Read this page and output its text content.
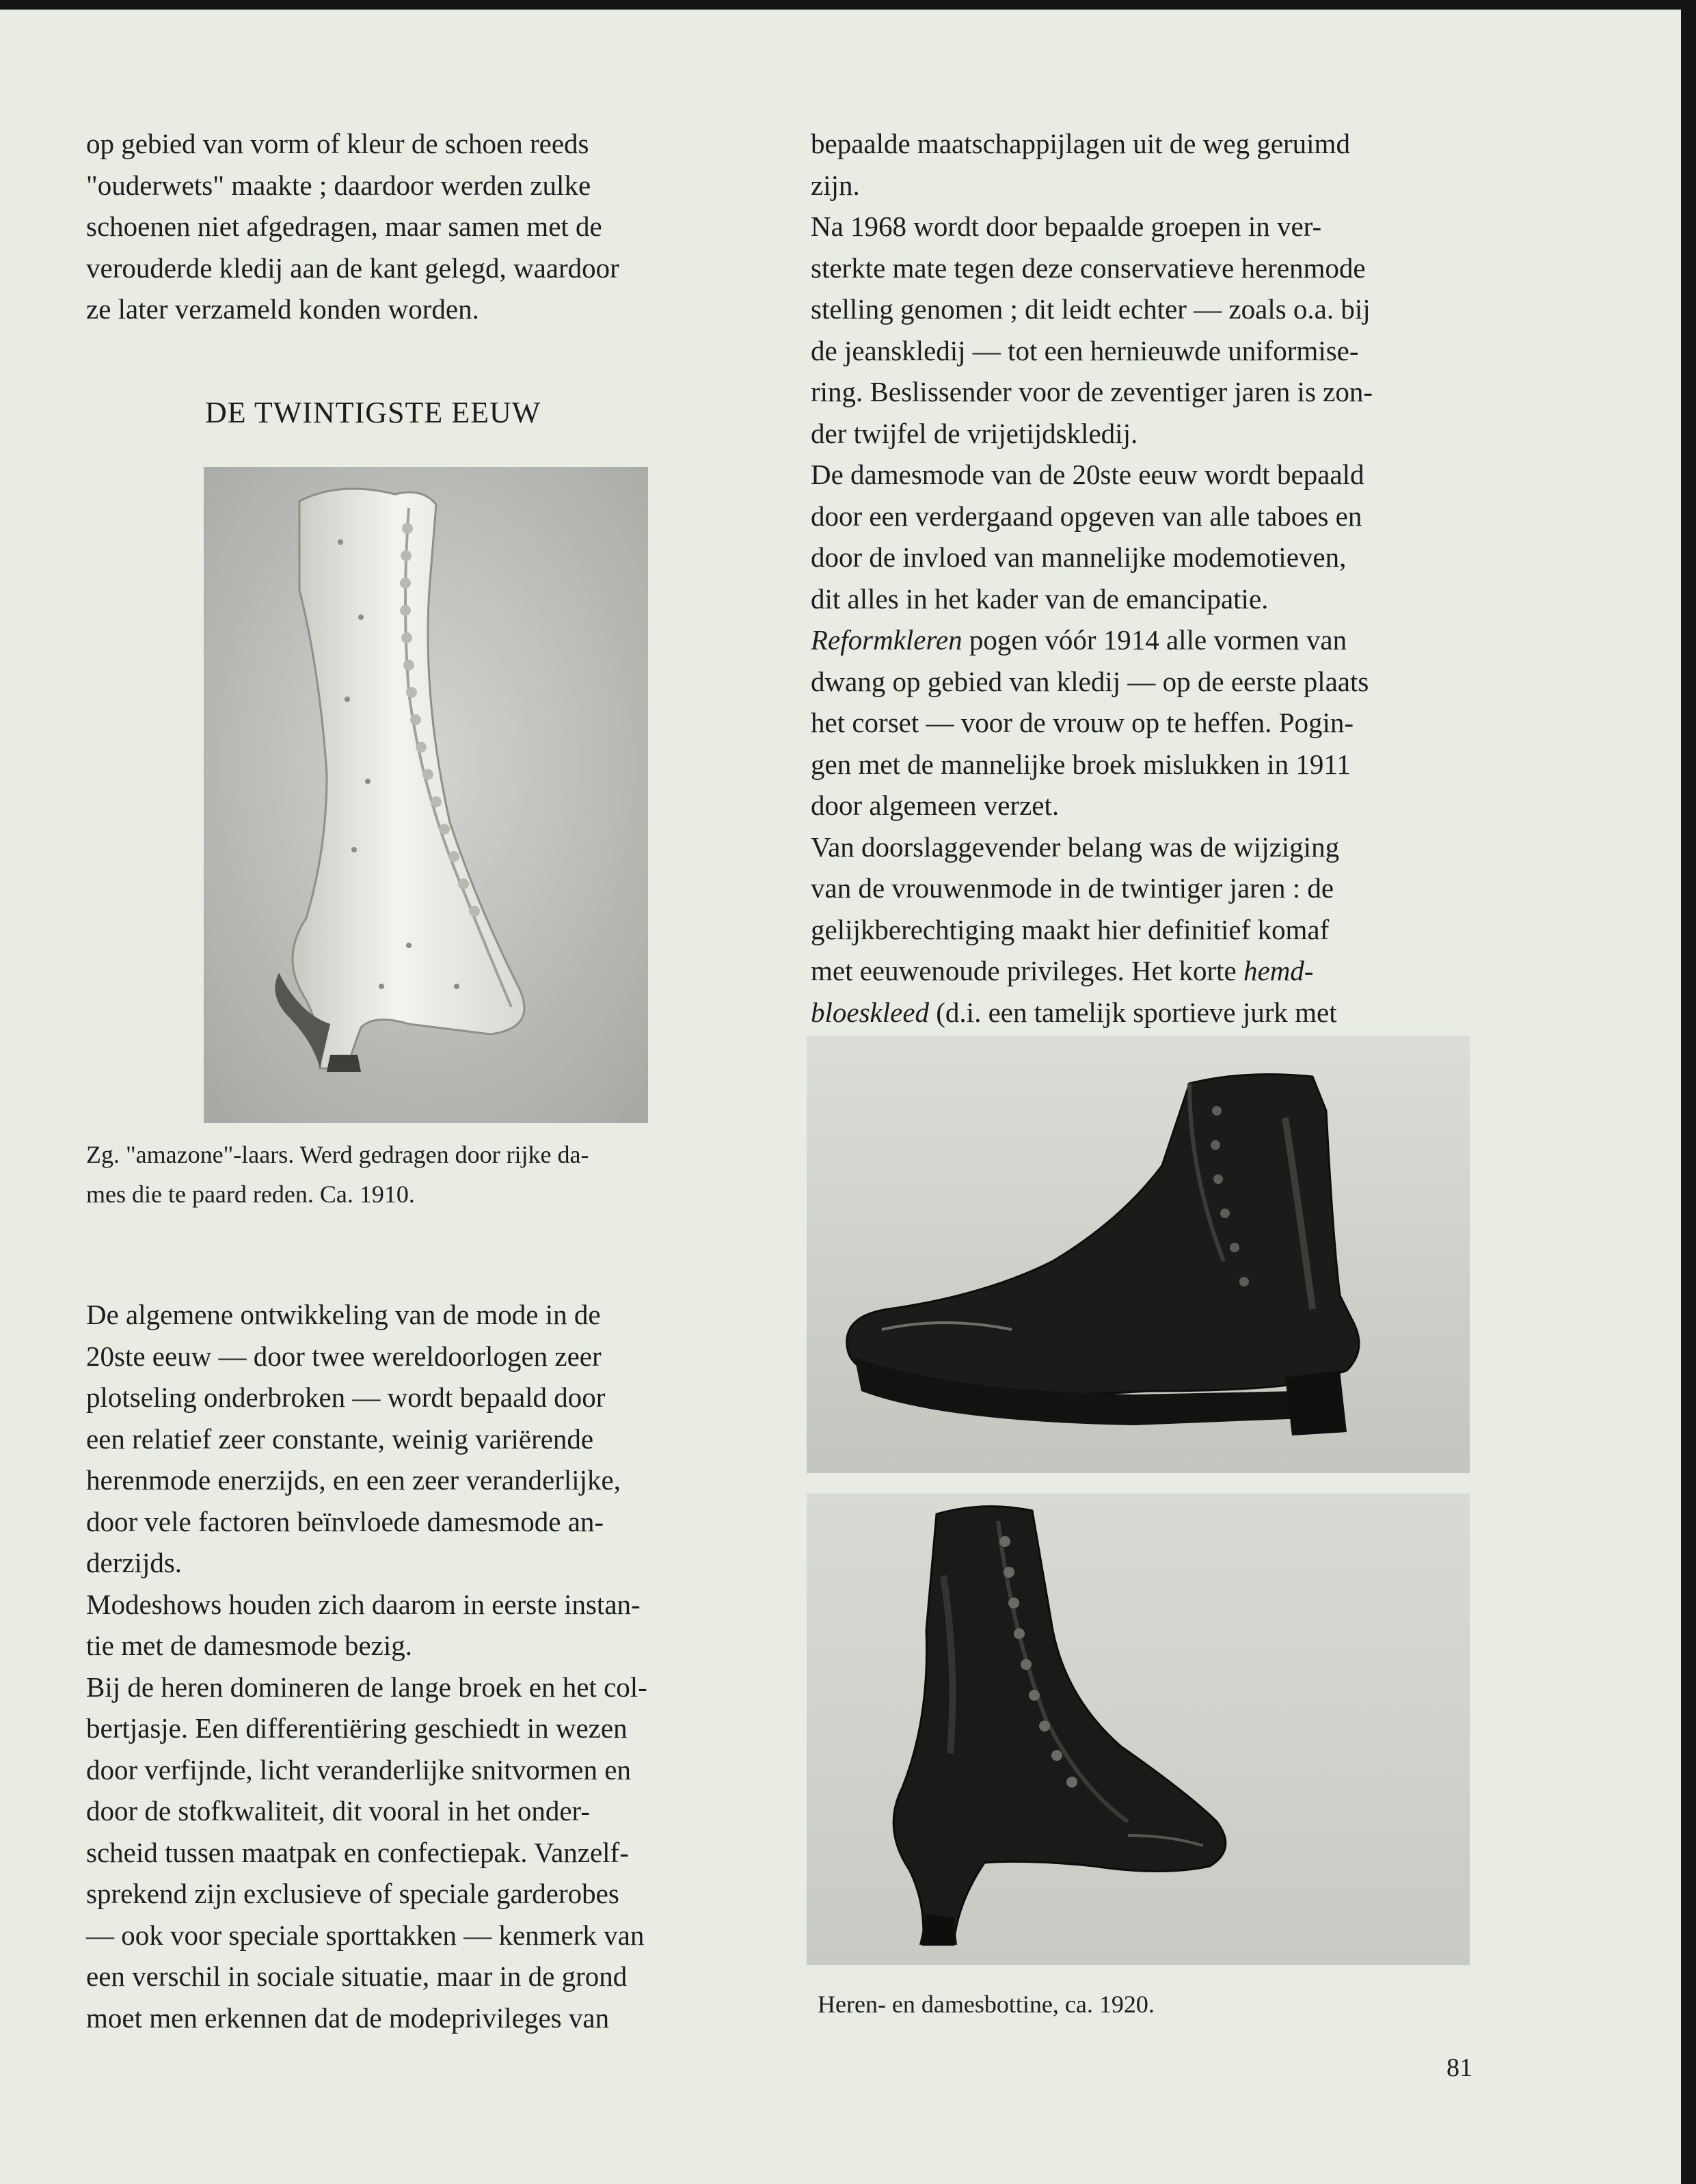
op gebied van vorm of kleur de schoen reeds
"ouderwets" maakte ; daardoor werden zulke
schoenen niet afgedragen, maar samen met de
verouderde kledij aan de kant gelegd, waardoor
ze later verzameld konden worden.

DE TWINTIGSTE EEUW

Zg. "amazone"-laars. Werd gedragen door rijke da-
mes die te paard reden. Ca. 1910.

De algemene ontwikkeling van de mode in de
20ste eeuw — door twee wereldoorlogen zeer
plotseling onderbroken — wordt bepaald door
een relatief zeer constante, weinig variërende
herenmode enerzijds, en een zeer veranderlijke,
door vele factoren beïnvloede damesmode an-
derzijds.
Modeshows houden zich daarom in eerste instan-
tie met de damesmode bezig.
Bij de heren domineren de lange broek en het col-
bertjasje. Een differentiëring geschiedt in wezen
door verfijnde, licht veranderlijke snitvormen en
door de stofkwaliteit, dit vooral in het onder-
scheid tussen maatpak en confectiepak. Vanzelf-
sprekend zijn exclusieve of speciale garderobes
— ook voor speciale sporttakken — kenmerk van
een verschil in sociale situatie, maar in de grond
moet men erkennen dat de modeprivileges van

bepaalde maatschappijlagen uit de weg geruimd
zijn.
Na 1968 wordt door bepaalde groepen in ver-
sterkte mate tegen deze conservatieve herenmode
stelling genomen ; dit leidt echter — zoals o.a. bij
de jeanskledij — tot een hernieuwde uniformise-
ring. Beslissender voor de zeventiger jaren is zon-
der twijfel de vrijetijdskledij.
De damesmode van de 20ste eeuw wordt bepaald
door een verdergaand opgeven van alle taboes en
door de invloed van mannelijke modemotieven,
dit alles in het kader van de emancipatie.
Reformkleren pogen vóór 1914 alle vormen van
dwang op gebied van kledij — op de eerste plaats
het corset — voor de vrouw op te heffen. Pogin-
gen met de mannelijke broek mislukken in 1911
door algemeen verzet.
Van doorslaggevender belang was de wijziging
van de vrouwenmode in de twintiger jaren : de
gelijkberechtiging maakt hier definitief komaf
met eeuwenoude privileges. Het korte hemd-
bloeskleed (d.i. een tamelijk sportieve jurk met

Heren- en damesbottine, ca. 1920.

81
